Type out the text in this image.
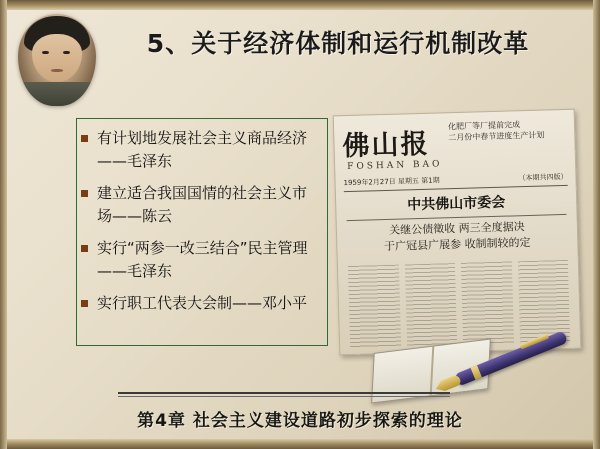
5、关于经济体制和运行机制改革
有计划地发展社会主义商品经济——毛泽东
建立适合我国国情的社会主义市场——陈云
实行“两参一改三结合”民主管理——毛泽东
实行职工代表大会制——邓小平
佛山报
FOSHAN BAO
化肥厂等厂提前完成
二月份中春节进度生产计划
1959年2月27日 星期五 第1期	（本期共四版）
中共佛山市委会
关继公债徵收 两三全度据决
于广冠县广展参 收制制较的定
第4章 社会主义建设道路初步探索的理论
